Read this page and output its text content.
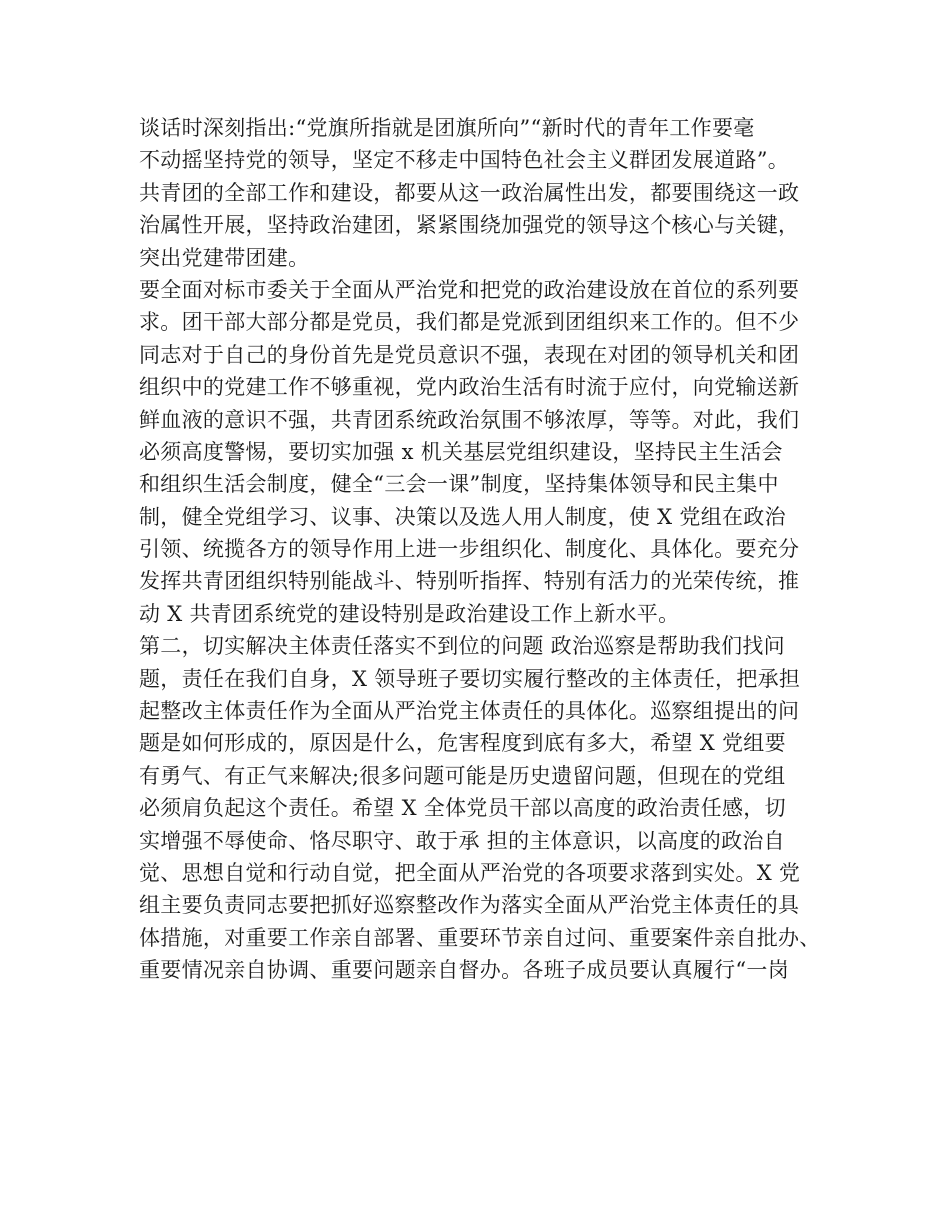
谈话时深刻指出:“党旗所指就是团旗所向”“新时代的青年工作要毫
不动摇坚持党的领导，坚定不移走中国特色社会主义群团发展道路”。
共青团的全部工作和建设，都要从这一政治属性出发，都要围绕这一政
治属性开展，坚持政治建团，紧紧围绕加强党的领导这个核心与关键，
突出党建带团建。
要全面对标市委关于全面从严治党和把党的政治建设放在首位的系列要
求。团干部大部分都是党员，我们都是党派到团组织来工作的。但不少
同志对于自己的身份首先是党员意识不强，表现在对团的领导机关和团
组织中的党建工作不够重视，党内政治生活有时流于应付，向党输送新
鲜血液的意识不强，共青团系统政治氛围不够浓厚，等等。对此，我们
必须高度警惕，要切实加强 x 机关基层党组织建设，坚持民主生活会
和组织生活会制度，健全“三会一课”制度，坚持集体领导和民主集中
制，健全党组学习、议事、决策以及选人用人制度，使 X 党组在政治
引领、统揽各方的领导作用上进一步组织化、制度化、具体化。要充分
发挥共青团组织特别能战斗、特别听指挥、特别有活力的光荣传统，推
动 X 共青团系统党的建设特别是政治建设工作上新水平。
第二，切实解决主体责任落实不到位的问题 政治巡察是帮助我们找问
题，责任在我们自身，X 领导班子要切实履行整改的主体责任，把承担
起整改主体责任作为全面从严治党主体责任的具体化。巡察组提出的问
题是如何形成的，原因是什么，危害程度到底有多大，希望 X 党组要
有勇气、有正气来解决;很多问题可能是历史遗留问题，但现在的党组
必须肩负起这个责任。希望 X 全体党员干部以高度的政治责任感，切
实增强不辱使命、恪尽职守、敢于承 担的主体意识，以高度的政治自
觉、思想自觉和行动自觉，把全面从严治党的各项要求落到实处。X 党
组主要负责同志要把抓好巡察整改作为落实全面从严治党主体责任的具
体措施，对重要工作亲自部署、重要环节亲自过问、重要案件亲自批办、
重要情况亲自协调、重要问题亲自督办。各班子成员要认真履行“一岗
